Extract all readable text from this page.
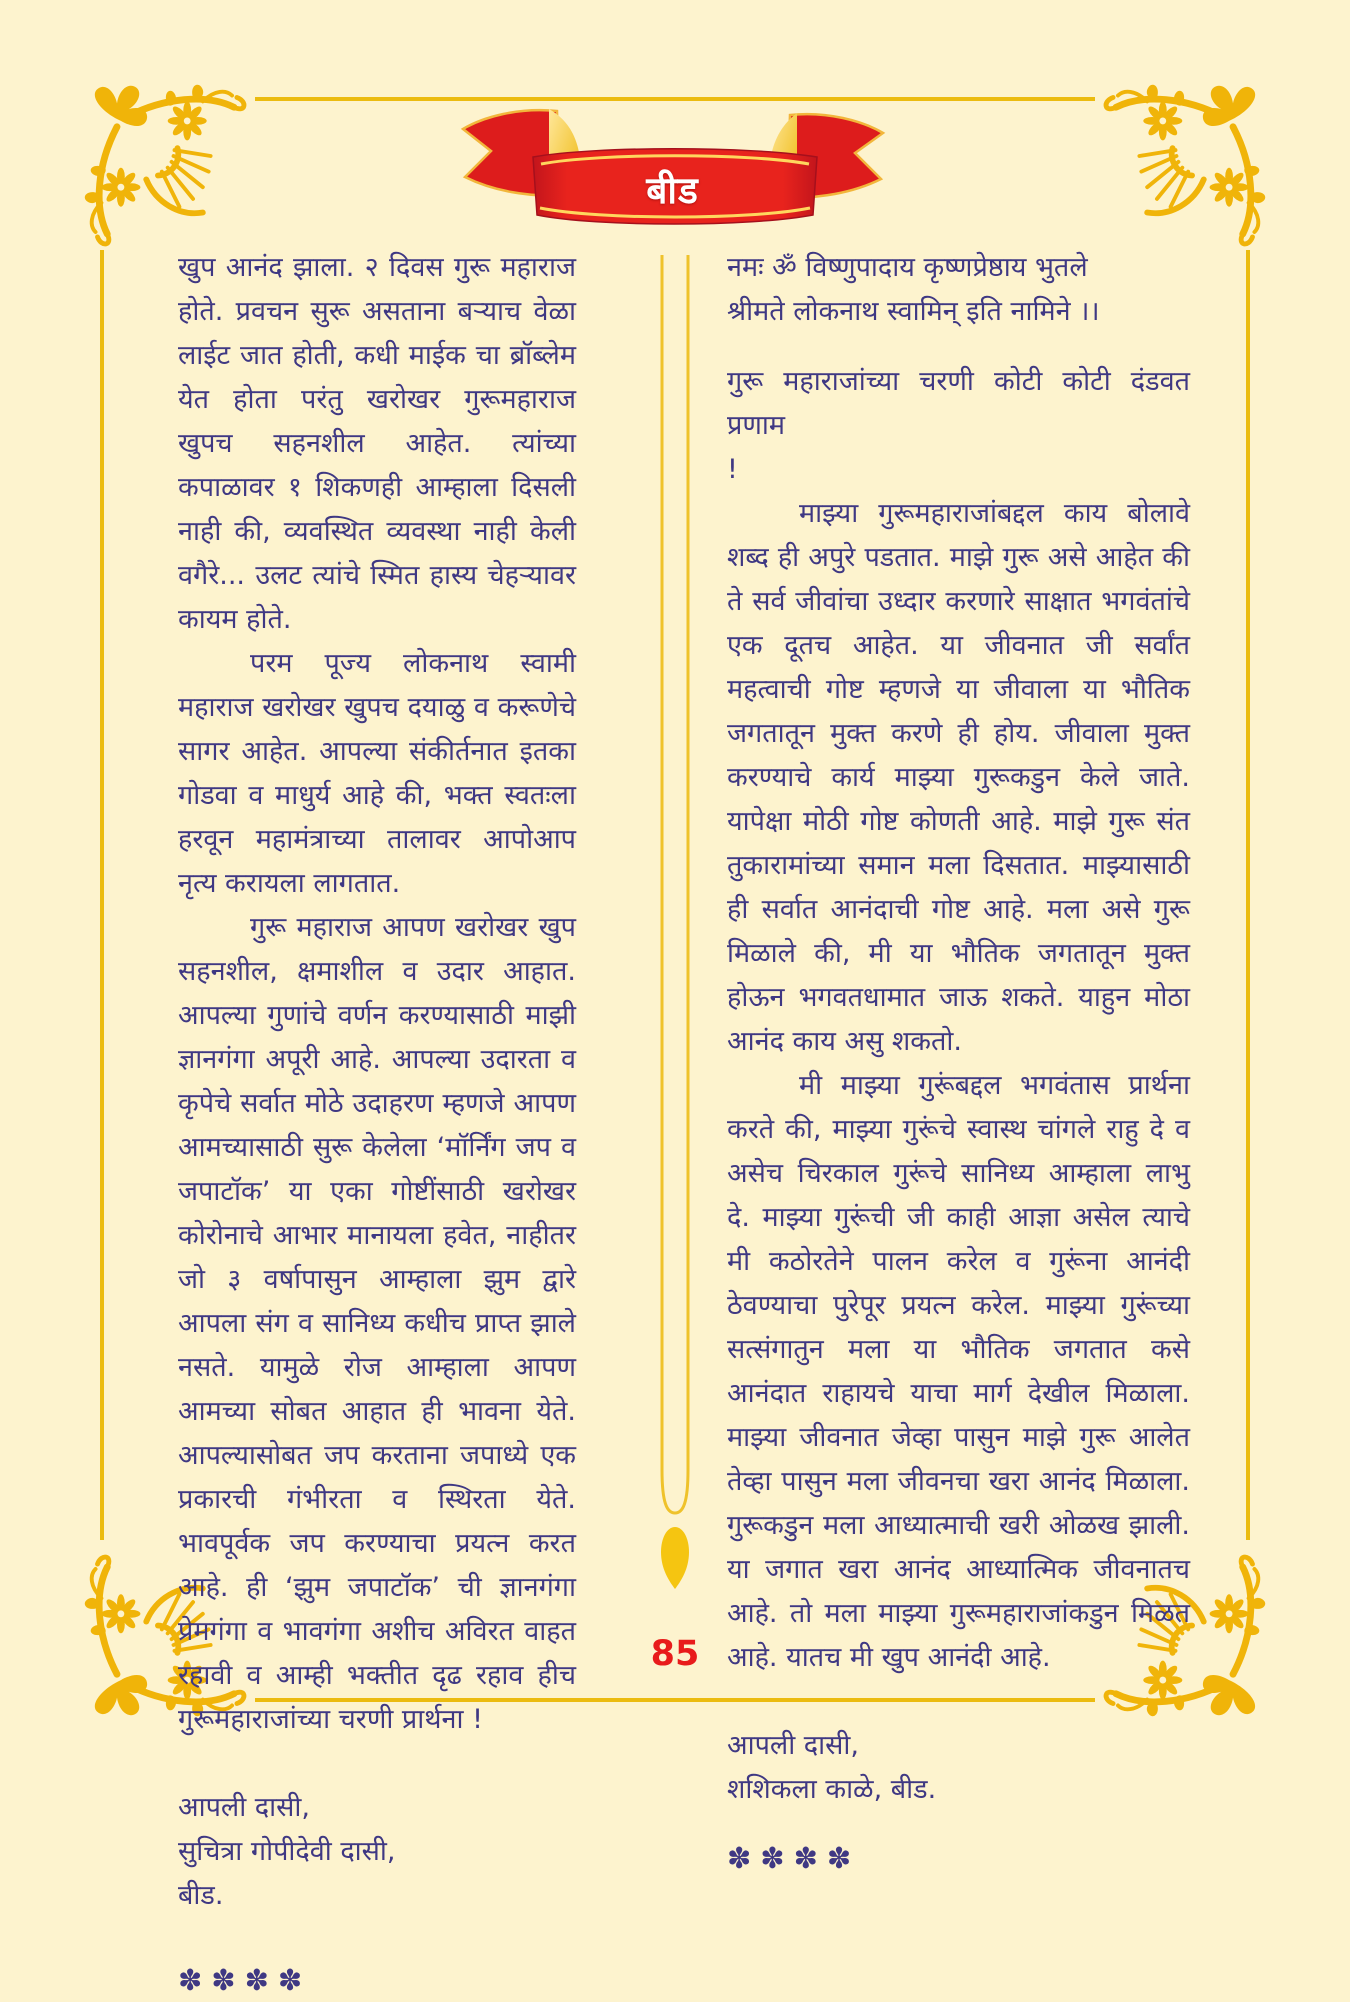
बीड

खुप आनंद झाला. २ दिवस गुरू महाराज होते. प्रवचन सुरू असताना बऱ्याच वेळा लाईट जात होती, कधी माईक चा ब्रॉब्लेम येत होता परंतु खरोखर गुरूमहाराज खुपच सहनशील आहेत. त्यांच्या कपाळावर १ शिकणही आम्हाला दिसली नाही की, व्यवस्थित व्यवस्था नाही केली वगैरे... उलट त्यांचे स्मित हास्य चेहऱ्यावर कायम होते.

परम पूज्य लोकनाथ स्वामी महाराज खरोखर खुपच दयाळु व करूणेचे सागर आहेत. आपल्या संकीर्तनात इतका गोडवा व माधुर्य आहे की, भक्त स्वतःला हरवून महामंत्राच्या तालावर आपोआप नृत्य करायला लागतात.

गुरू महाराज आपण खरोखर खुप सहनशील, क्षमाशील व उदार आहात. आपल्या गुणांचे वर्णन करण्यासाठी माझी ज्ञानगंगा अपूरी आहे. आपल्या उदारता व कृपेचे सर्वात मोठे उदाहरण म्हणजे आपण आमच्यासाठी सुरू केलेला ‘मॉर्निंग जप व जपाटॉक’ या एका गोष्टींसाठी खरोखर कोरोनाचे आभार मानायला हवेत, नाहीतर जो ३ वर्षापासुन आम्हाला झुम द्वारे आपला संग व सानिध्य कधीच प्राप्त झाले नसते. यामुळे रोज आम्हाला आपण आमच्या सोबत आहात ही भावना येते. आपल्यासोबत जप करताना जपाध्ये एक प्रकारची गंभीरता व स्थिरता येते. भावपूर्वक जप करण्याचा प्रयत्न करत आहे. ही ‘झुम जपाटॉक’ ची ज्ञानगंगा प्रेमगंगा व भावगंगा अशीच अविरत वाहत रहावी व आम्ही भक्तीत दृढ रहाव हीच गुरूमहाराजांच्या चरणी प्रार्थना !

आपली दासी,
सुचित्रा गोपीदेवी दासी,
बीड.
✽✽✽✽
नमः ॐ विष्णुपादाय कृष्णप्रेष्ठाय भुतले
श्रीमते लोकनाथ स्वामिन् इति नामिने ।।

गुरू महाराजांच्या चरणी कोटी कोटी दंडवत प्रणाम

!

माझ्या गुरूमहाराजांबद्दल काय बोलावे शब्द ही अपुरे पडतात. माझे गुरू असे आहेत की ते सर्व जीवांचा उध्दार करणारे साक्षात भगवंतांचे एक दूतच आहेत. या जीवनात जी सर्वांत महत्वाची गोष्ट म्हणजे या जीवाला या भौतिक जगतातून मुक्त करणे ही होय. जीवाला मुक्त करण्याचे कार्य माझ्या गुरूकडुन केले जाते. यापेक्षा मोठी गोष्ट कोणती आहे. माझे गुरू संत तुकारामांच्या समान मला दिसतात. माझ्यासाठी ही सर्वात आनंदाची गोष्ट आहे. मला असे गुरू मिळाले की, मी या भौतिक जगतातून मुक्त होऊन भगवतधामात जाऊ शकते. याहुन मोठा आनंद काय असु शकतो.

मी माझ्या गुरूंबद्दल भगवंतास प्रार्थना करते की, माझ्या गुरूंचे स्वास्थ चांगले राहु दे व असेच चिरकाल गुरूंचे सानिध्य आम्हाला लाभु दे. माझ्या गुरूंची जी काही आज्ञा असेल त्याचे मी कठोरतेने पालन करेल व गुरूंना आनंदी ठेवण्याचा पुरेपूर प्रयत्न करेल. माझ्या गुरूंच्या सत्संगातुन मला या भौतिक जगतात कसे आनंदात राहायचे याचा मार्ग देखील मिळाला. माझ्या जीवनात जेव्हा पासुन माझे गुरू आलेत तेव्हा पासुन मला जीवनचा खरा आनंद मिळाला. गुरूकडुन मला आध्यात्माची खरी ओळख झाली. या जगात खरा आनंद आध्यात्मिक जीवनातच आहे. तो मला माझ्या गुरूमहाराजांकडुन मिळत आहे. यातच मी खुप आनंदी आहे.

आपली दासी,
शशिकला काळे, बीड.
✽✽✽✽
85
